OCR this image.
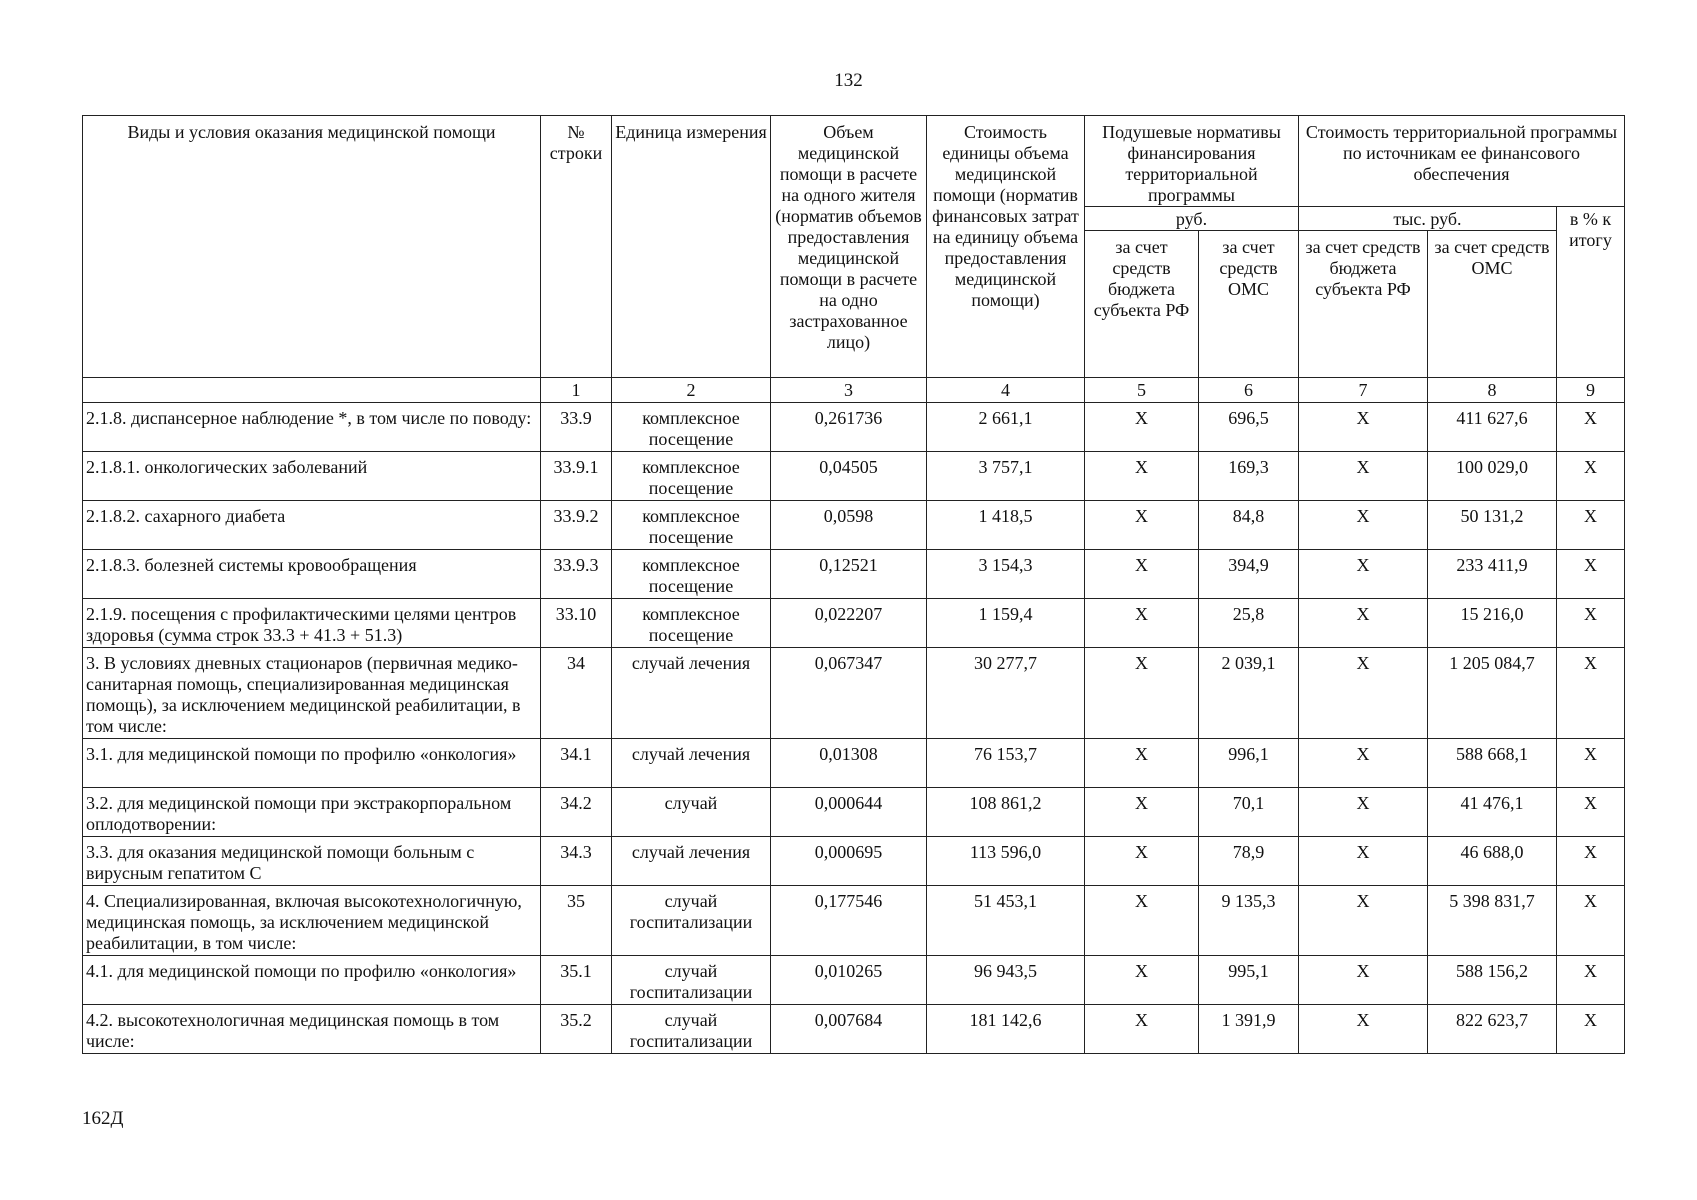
132
Виды и условия оказания медицинской помощи	№ строки	Единица измерения	Объем медицинской помощи в расчете на одного жителя (норматив объемов предоставления медицинской помощи в расчете на одно застрахованное лицо)	Стоимость единицы объема медицинской помощи (норматив финансовых затрат на единицу объема предоставления медицинской помощи)	Подушевые нормативы финансирования территориальной программы		Стоимость территориальной программы по источникам ее финансового обеспечения		
					руб.		тыс. руб.		в % к итогу
					за счет средств бюджета субъекта РФ	за счет средств ОМС	за счет средств бюджета субъекта РФ	за счет средств ОМС	
	1	2	3	4	5	6	7	8	9
2.1.8. диспансерное наблюдение *, в том числе по поводу:	33.9	комплексное посещение	0,261736	2 661,1	X	696,5	X	411 627,6	X
2.1.8.1. онкологических заболеваний	33.9.1	комплексное посещение	0,04505	3 757,1	X	169,3	X	100 029,0	X
2.1.8.2. сахарного диабета	33.9.2	комплексное посещение	0,0598	1 418,5	X	84,8	X	50 131,2	X
2.1.8.3. болезней системы кровообращения	33.9.3	комплексное посещение	0,12521	3 154,3	X	394,9	X	233 411,9	X
2.1.9. посещения с профилактическими целями центров здоровья (сумма строк 33.3 + 41.3 + 51.3)	33.10	комплексное посещение	0,022207	1 159,4	X	25,8	X	15 216,0	X
3. В условиях дневных стационаров (первичная медико-санитарная помощь, специализированная медицинская помощь), за исключением медицинской реабилитации, в том числе:	34	случай лечения	0,067347	30 277,7	X	2 039,1	X	1 205 084,7	X
3.1. для медицинской помощи по профилю «онкология»	34.1	случай лечения	0,01308	76 153,7	X	996,1	X	588 668,1	X
3.2. для медицинской помощи при экстракорпоральном оплодотворении:	34.2	случай	0,000644	108 861,2	X	70,1	X	41 476,1	X
3.3. для оказания медицинской помощи больным с вирусным гепатитом С	34.3	случай лечения	0,000695	113 596,0	X	78,9	X	46 688,0	X
4. Специализированная, включая высокотехнологичную, медицинская помощь, за исключением медицинской реабилитации, в том числе:	35	случай госпитализации	0,177546	51 453,1	X	9 135,3	X	5 398 831,7	X
4.1. для медицинской помощи по профилю «онкология»	35.1	случай госпитализации	0,010265	96 943,5	X	995,1	X	588 156,2	X
4.2. высокотехнологичная медицинская помощь в том числе:	35.2	случай госпитализации	0,007684	181 142,6	X	1 391,9	X	822 623,7	X
162Д
